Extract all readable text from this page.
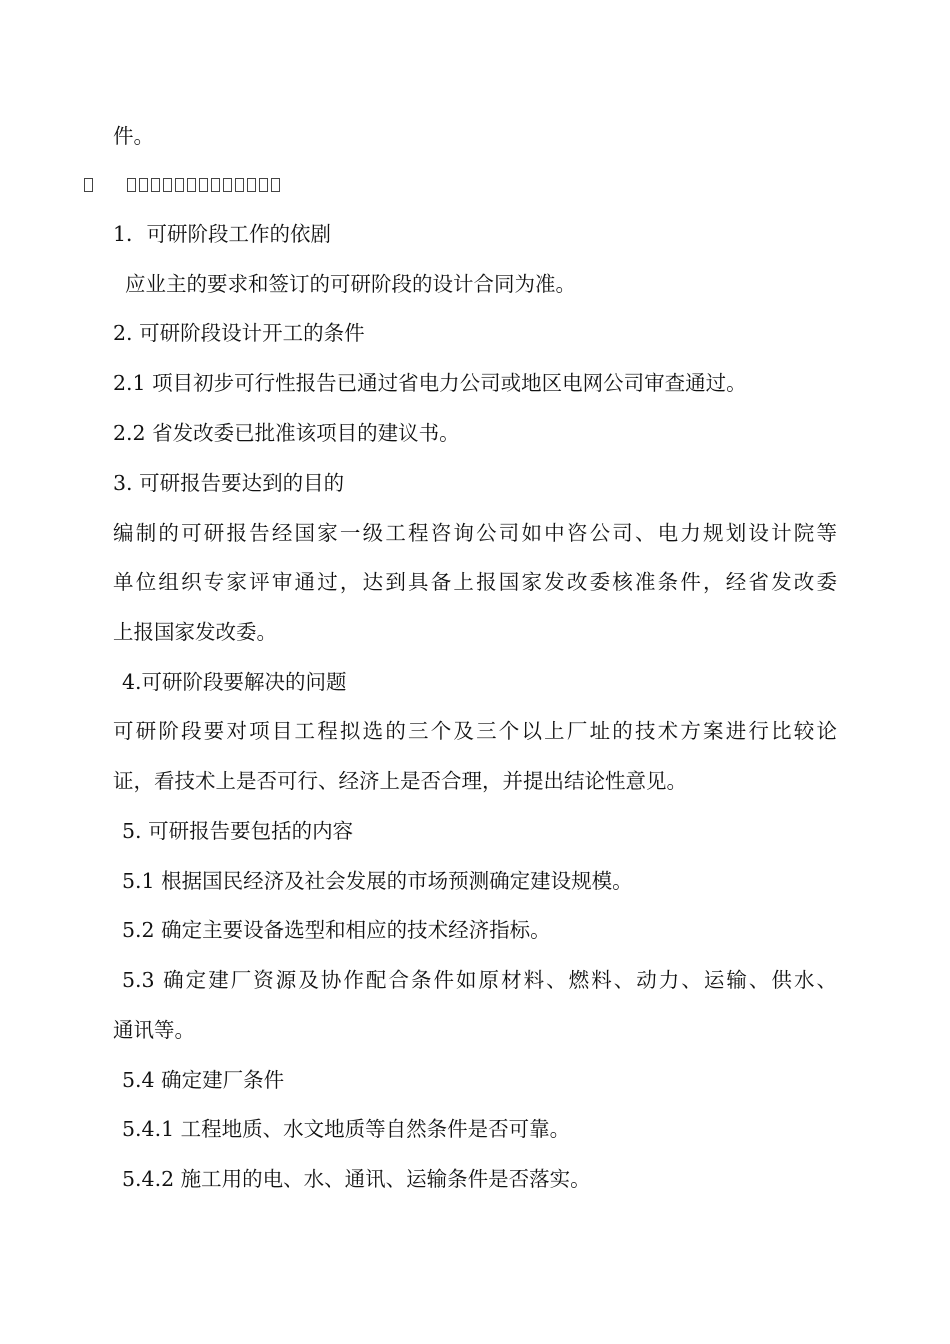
件。
1．可研阶段工作的依剧
应业主的要求和签订的可研阶段的设计合同为准。
2. 可研阶段设计开工的条件
2.1 项目初步可行性报告已通过省电力公司或地区电网公司审查通过。
2.2 省发改委已批准该项目的建议书。
3. 可研报告要达到的目的
编制的可研报告经国家一级工程咨询公司如中咨公司、电力规划设计院等
单位组织专家评审通过，达到具备上报国家发改委核准条件，经省发改委
上报国家发改委。
4.可研阶段要解决的问题
可研阶段要对项目工程拟选的三个及三个以上厂址的技术方案进行比较论
证，看技术上是否可行、经济上是否合理，并提出结论性意见。
5. 可研报告要包括的内容
5.1 根据国民经济及社会发展的市场预测确定建设规模。
5.2 确定主要设备选型和相应的技术经济指标。
5.3 确定建厂资源及协作配合条件如原材料、燃料、动力、运输、供水、
通讯等。
5.4 确定建厂条件
5.4.1 工程地质、水文地质等自然条件是否可靠。
5.4.2 施工用的电、水、通讯、运输条件是否落实。
